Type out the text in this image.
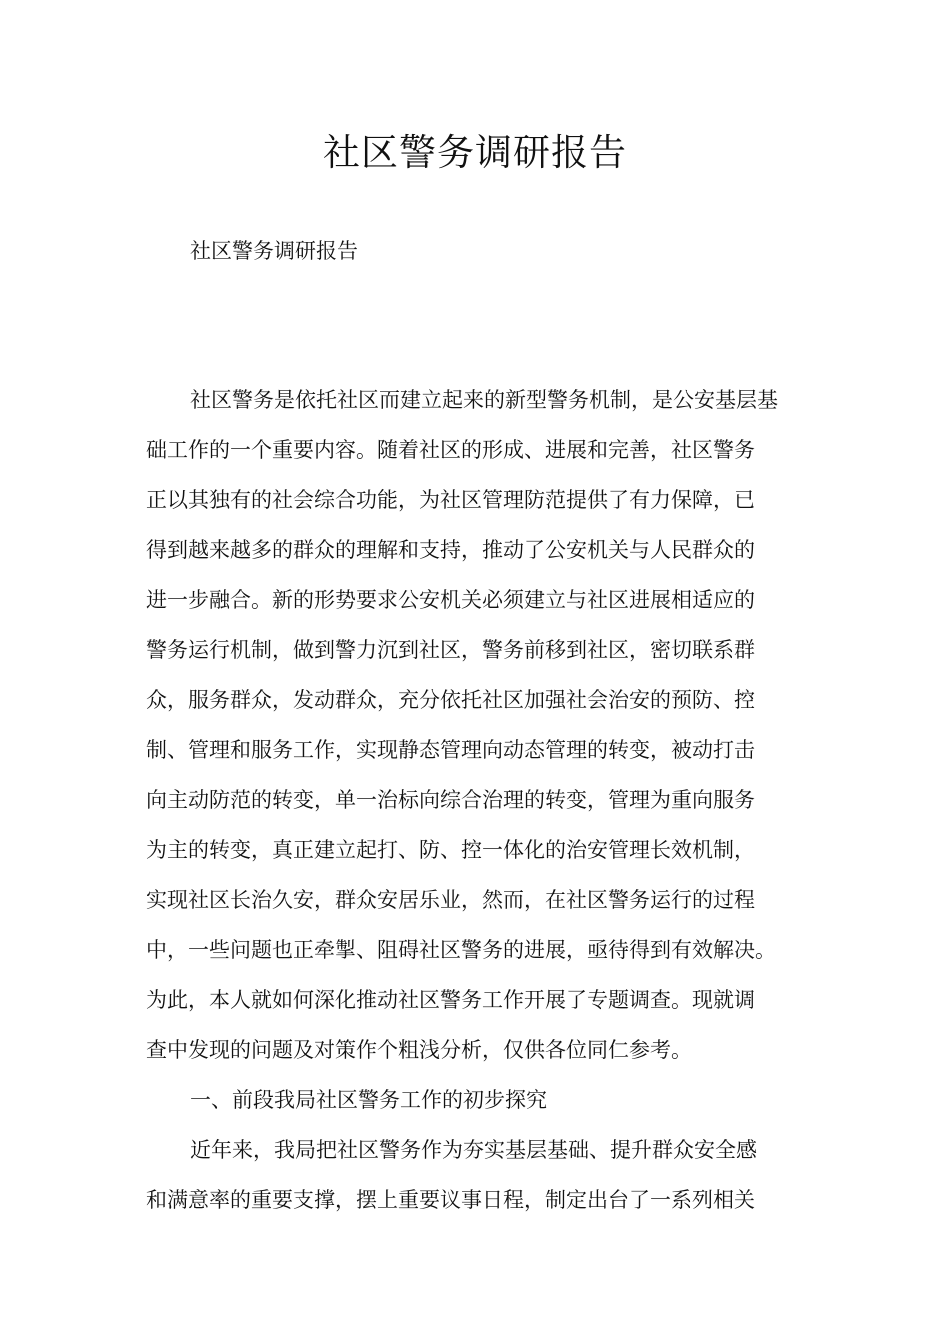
社区警务调研报告

社区警务调研报告

社区警务是依托社区而建立起来的新型警务机制，是公安基层基

础工作的一个重要内容。随着社区的形成、进展和完善，社区警务

正以其独有的社会综合功能，为社区管理防范提供了有力保障，已

得到越来越多的群众的理解和支持，推动了公安机关与人民群众的

进一步融合。新的形势要求公安机关必须建立与社区进展相适应的

警务运行机制，做到警力沉到社区，警务前移到社区，密切联系群

众，服务群众，发动群众，充分依托社区加强社会治安的预防、控

制、管理和服务工作，实现静态管理向动态管理的转变，被动打击

向主动防范的转变，单一治标向综合治理的转变，管理为重向服务

为主的转变，真正建立起打、防、控一体化的治安管理长效机制，

实现社区长治久安，群众安居乐业，然而，在社区警务运行的过程

中，一些问题也正牵掣、阻碍社区警务的进展，亟待得到有效解决。

为此，本人就如何深化推动社区警务工作开展了专题调查。现就调

查中发现的问题及对策作个粗浅分析，仅供各位同仁参考。

一、前段我局社区警务工作的初步探究

近年来，我局把社区警务作为夯实基层基础、提升群众安全感

和满意率的重要支撑，摆上重要议事日程，制定出台了一系列相关
